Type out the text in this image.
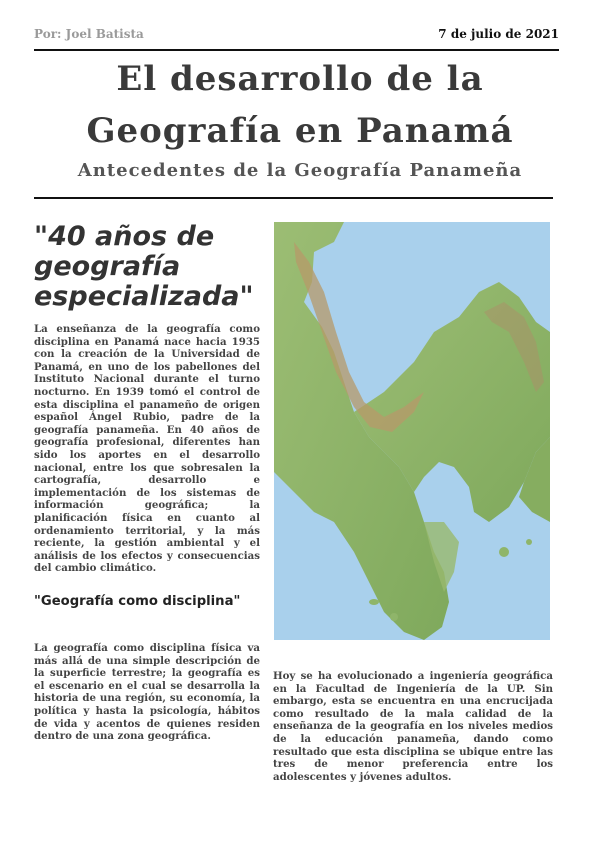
Por: Joel Batista	7 de julio de 2021
El desarrollo de la
Geografía en Panamá
Antecedentes de la Geografía Panameña
"40 años de
geografía
especializada"

La enseñanza de la geografía como disciplina en Panamá nace hacia 1935 con la creación de la Universidad de Panamá, en uno de los pabellones del Instituto Nacional durante el turno nocturno. En 1939 tomó el control de esta disciplina el panameño de origen español Ángel Rubio, padre de la geografía panameña. En 40 años de geografía profesional, diferentes han sido los aportes en el desarrollo nacional, entre los que sobresalen la cartografía, desarrollo e implementación de los sistemas de información geográfica; la planificación física en cuanto al ordenamiento territorial, y la más reciente, la gestión ambiental y el análisis de los efectos y consecuencias del cambio climático.

"Geografía como disciplina"

La geografía como disciplina física va más allá de una simple descripción de la superficie terrestre; la geografía es el escenario en el cual se desarrolla la historia de una región, su economía, la política y hasta la psicología, hábitos de vida y acentos de quienes residen dentro de una zona geográfica.

Hoy se ha evolucionado a ingeniería geográfica en la Facultad de Ingeniería de la UP. Sin embargo, esta se encuentra en una encrucijada como resultado de la mala calidad de la enseñanza de la geografía en los niveles medios de la educación panameña, dando como resultado que esta disciplina se ubique entre las tres de menor preferencia entre los adolescentes y jóvenes adultos.
